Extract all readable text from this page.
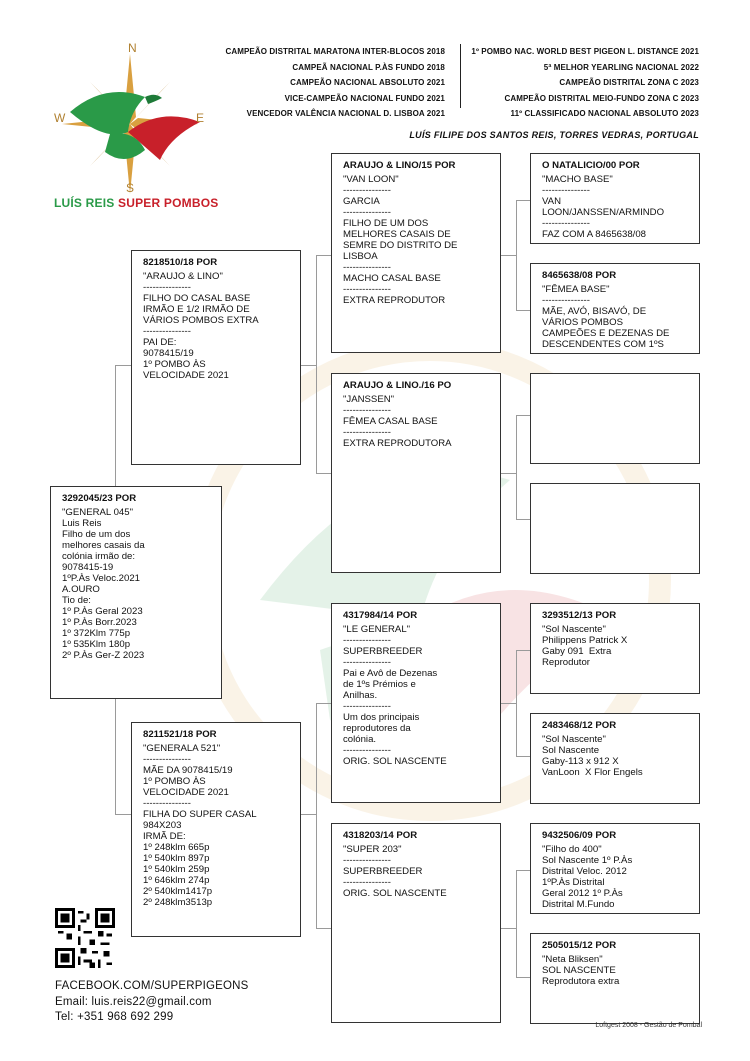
N
E
S
W
LUÍS REIS SUPER POMBOS
CAMPEÃO DISTRITAL MARATONA INTER-BLOCOS 2018
CAMPEÃ NACIONAL P.ÀS FUNDO 2018
CAMPEÃO NACIONAL ABSOLUTO 2021
VICE-CAMPEÃO NACIONAL FUNDO 2021
VENCEDOR VALÊNCIA NACIONAL D. LISBOA 2021
1º POMBO NAC. WORLD BEST PIGEON L. DISTANCE 2021
5ª MELHOR YEARLING NACIONAL 2022
CAMPEÃO DISTRITAL ZONA C 2023
CAMPEÃO DISTRITAL MEIO-FUNDO ZONA C 2023
11º CLASSIFICADO NACIONAL ABSOLUTO 2023
LUÍS FILIPE DOS SANTOS REIS, TORRES VEDRAS, PORTUGAL
3292045/23 POR
"GENERAL 045"
Luis Reis
Filho de um dos
melhores casais da
colónia irmão de:
9078415-19
1ºP.Às Veloc.2021
A.OURO
Tio de:
1º P.Às Geral 2023
1º P.Às Borr.2023
1º 372Klm 775p
1º 535Klm 180p
2º P.Às Ger-Z 2023
8218510/18 POR
"ARAUJO & LINO"
---------------
FILHO DO CASAL BASE
IRMÃO E 1/2 IRMÃO DE
VÁRIOS POMBOS EXTRA
---------------
PAI DE:
9078415/19
1º POMBO ÀS
VELOCIDADE 2021
8211521/18 POR
"GENERALA 521"
---------------
MÃE DA 9078415/19
1º POMBO ÀS
VELOCIDADE 2021
---------------
FILHA DO SUPER CASAL
984X203
IRMÃ DE:
1º 248klm 665p
1º 540klm 897p
1º 540klm 259p
1º 646klm 274p
2º 540klm1417p
2º 248klm3513p
ARAUJO & LINO/15 POR
"VAN LOON"
---------------
GARCIA
---------------
FILHO DE UM DOS
MELHORES CASAIS DE
SEMRE DO DISTRITO DE
LISBOA
---------------
MACHO CASAL BASE
---------------
EXTRA REPRODUTOR
ARAUJO & LINO./16 PO
"JANSSEN"
---------------
FÊMEA CASAL BASE
---------------
EXTRA REPRODUTORA
4317984/14 POR
"LE GENERAL"
---------------
SUPERBREEDER
---------------
Pai e Avô de Dezenas
de 1ºs Prémios e
Anilhas.
---------------
Um dos principais
reprodutores da
colónia.
---------------
ORIG. SOL NASCENTE
4318203/14 POR
"SUPER 203"
---------------
SUPERBREEDER
---------------
ORIG. SOL NASCENTE
O NATALICIO/00 POR
"MACHO BASE"
---------------
VAN
LOON/JANSSEN/ARMINDO
---------------
FAZ COM A 8465638/08
8465638/08 POR
"FÊMEA BASE"
---------------
MÃE, AVÓ, BISAVÓ, DE
VÁRIOS POMBOS
CAMPEÕES E DEZENAS DE
DESCENDENTES COM 1ºS
3293512/13 POR
"Sol Nascente"
Philippens Patrick X
Gaby 091  Extra
Reprodutor
2483468/12 POR
"Sol Nascente"
Sol Nascente
Gaby-113 x 912 X
VanLoon  X Flor Engels
9432506/09 POR
"Filho do 400"
Sol Nascente 1º P.Às
Distrital Veloc. 2012
1ºP.Às Distrital
Geral 2012 1º P.Às
Distrital M.Fundo
2505015/12 POR
"Neta Bliksen"
SOL NASCENTE
Reprodutora extra
FACEBOOK.COM/SUPERPIGEONS
Email: luis.reis22@gmail.com
Tel: +351 968 692 299
Loftgest 2008 - Gestão de Pombal
